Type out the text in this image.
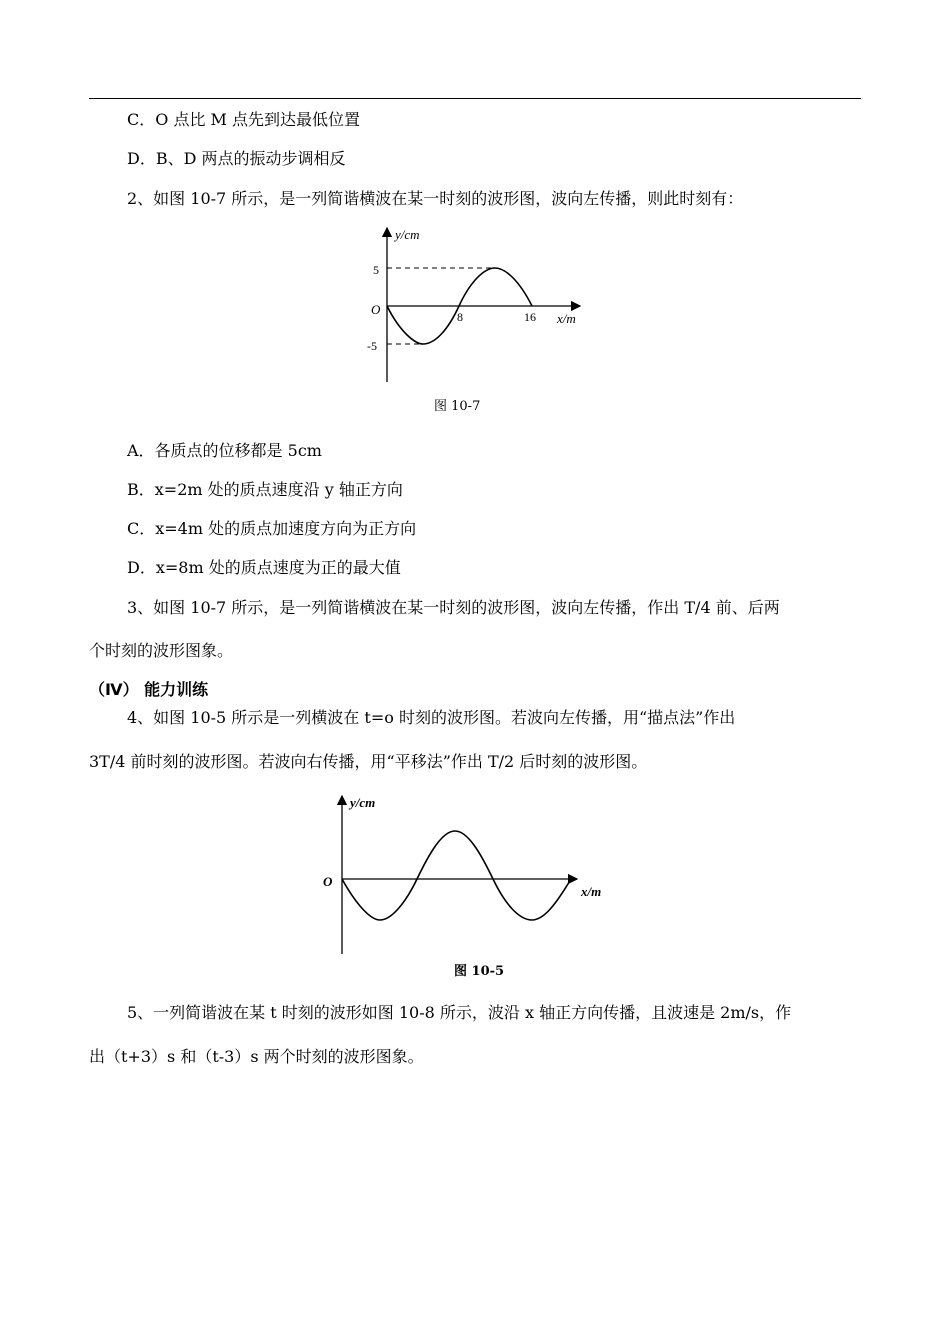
C．O 点比 M 点先到达最低位置
D．B、D 两点的振动步调相反
2、如图 10-7 所示，是一列简谐横波在某一时刻的波形图，波向左传播，则此时刻有：
y/cm
x/m
O
5
-5
8	16
图 10-7
A．各质点的位移都是 5cm
B．x=2m 处的质点速度沿 y 轴正方向
C．x=4m 处的质点加速度方向为正方向
D．x=8m 处的质点速度为正的最大值
3、如图 10-7 所示，是一列简谐横波在某一时刻的波形图，波向左传播，作出 T/4 前、后两
个时刻的波形图象。
（Ⅳ） 能力训练
4、如图 10-5 所示是一列横波在 t=o 时刻的波形图。若波向左传播，用“描点法”作出
3T/4 前时刻的波形图。若波向右传播，用“平移法”作出 T/2 后时刻的波形图。
y/cm
x/m
O
图 10-5
5、一列简谐波在某 t 时刻的波形如图 10-8 所示，波沿 x 轴正方向传播，且波速是 2m/s，作
出（t+3）s 和（t-3）s 两个时刻的波形图象。
